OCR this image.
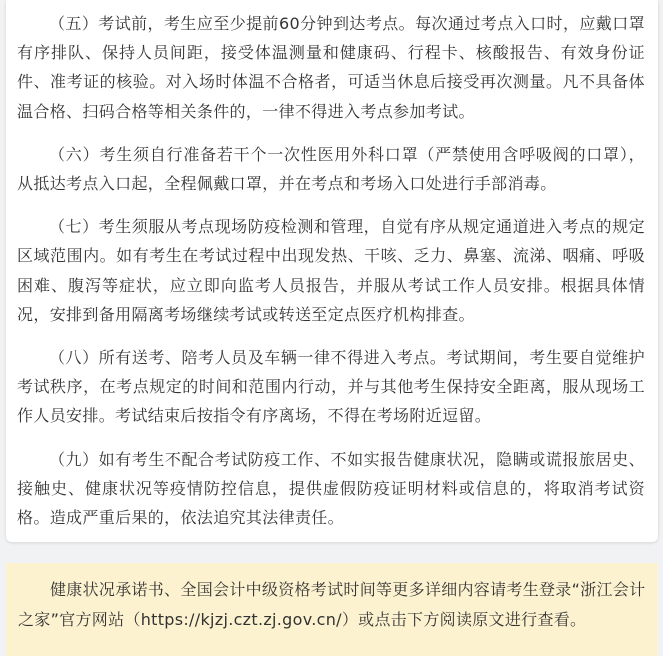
（五）考试前，考生应至少提前60分钟到达考点。每次通过考点入口时，应戴口罩有序排队、保持人员间距，接受体温测量和健康码、行程卡、核酸报告、有效身份证件、准考证的核验。对入场时体温不合格者，可适当休息后接受再次测量。凡不具备体温合格、扫码合格等相关条件的，一律不得进入考点参加考试。

（六）考生须自行准备若干个一次性医用外科口罩（严禁使用含呼吸阀的口罩），从抵达考点入口起，全程佩戴口罩，并在考点和考场入口处进行手部消毒。

（七）考生须服从考点现场防疫检测和管理，自觉有序从规定通道进入考点的规定区域范围内。如有考生在考试过程中出现发热、干咳、乏力、鼻塞、流涕、咽痛、呼吸困难、腹泻等症状，应立即向监考人员报告，并服从考试工作人员安排。根据具体情况，安排到备用隔离考场继续考试或转送至定点医疗机构排查。

（八）所有送考、陪考人员及车辆一律不得进入考点。考试期间，考生要自觉维护考试秩序，在考点规定的时间和范围内行动，并与其他考生保持安全距离，服从现场工作人员安排。考试结束后按指令有序离场，不得在考场附近逗留。

（九）如有考生不配合考试防疫工作、不如实报告健康状况，隐瞒或谎报旅居史、接触史、健康状况等疫情防控信息，提供虚假防疫证明材料或信息的，将取消考试资格。造成严重后果的，依法追究其法律责任。

健康状况承诺书、全国会计中级资格考试时间等更多详细内容请考生登录“浙江会计之家”官方网站（https://kjzj.czt.zj.gov.cn/）或点击下方阅读原文进行查看。
